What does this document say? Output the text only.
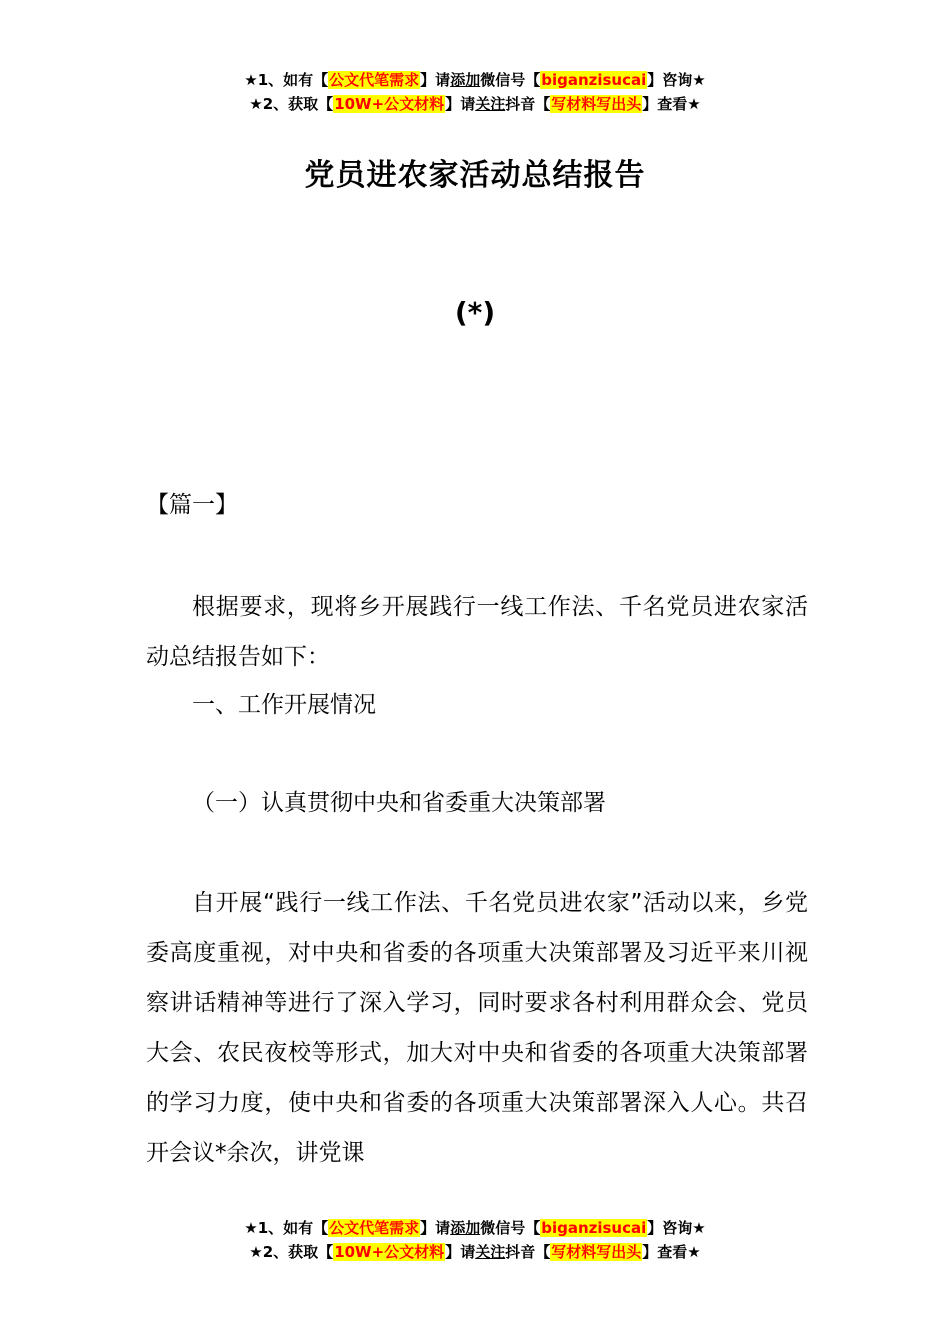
★1、如有【公文代笔需求】请添加微信号【biganzisucai】咨询★
★2、获取【10W+公文材料】请关注抖音【写材料写出头】查看★
党员进农家活动总结报告
(*)
【篇一】

根据要求，现将乡开展践行一线工作法、千名党员进农家活动总结报告如下：

一、工作开展情况

（一）认真贯彻中央和省委重大决策部署

自开展“践行一线工作法、千名党员进农家”活动以来，乡党委高度重视，对中央和省委的各项重大决策部署及习近平来川视察讲话精神等进行了深入学习，同时要求各村利用群众会、党员大会、农民夜校等形式，加大对中央和省委的各项重大决策部署的学习力度，使中央和省委的各项重大决策部署深入人心。共召开会议*余次，讲党课

★1、如有【公文代笔需求】请添加微信号【biganzisucai】咨询★
★2、获取【10W+公文材料】请关注抖音【写材料写出头】查看★
